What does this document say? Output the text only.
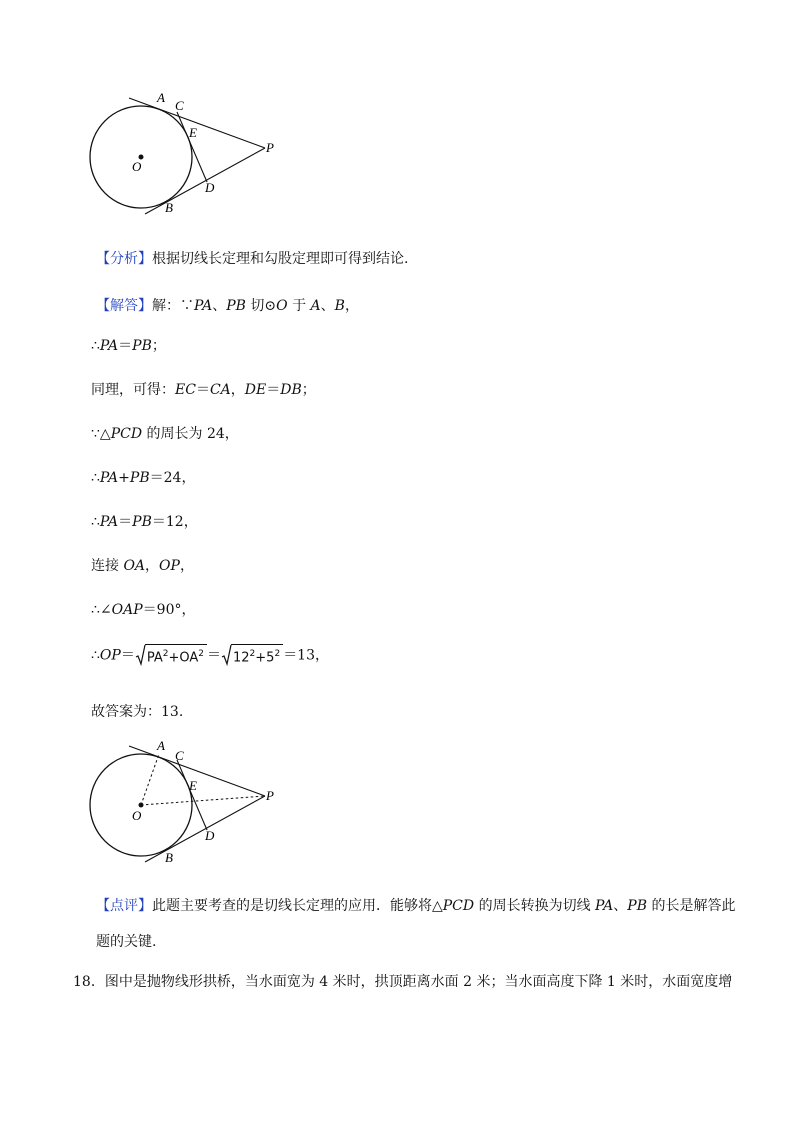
A
C
E
P
O
D
B
【分析】根据切线长定理和勾股定理即可得到结论.
【解答】解：∵PA、PB 切⊙O 于 A、B，
∴PA＝PB；
同理，可得：EC＝CA，DE＝DB；
∵△PCD 的周长为 24，
∴PA+PB＝24，
∴PA＝PB＝12，
连接 OA，OP，
∴∠OAP＝90°，
∴OP＝ $PA^2+OA^2 = 12^2+5^2 =13$，
故答案为：13.
A
C
E
P
O
D
B
【点评】此题主要考查的是切线长定理的应用．能够将△PCD 的周长转换为切线 PA、PB 的长是解答此
题的关键.
18．图中是抛物线形拱桥，当水面宽为 4 米时，拱顶距离水面 2 米；当水面高度下降 1 米时，水面宽度增
